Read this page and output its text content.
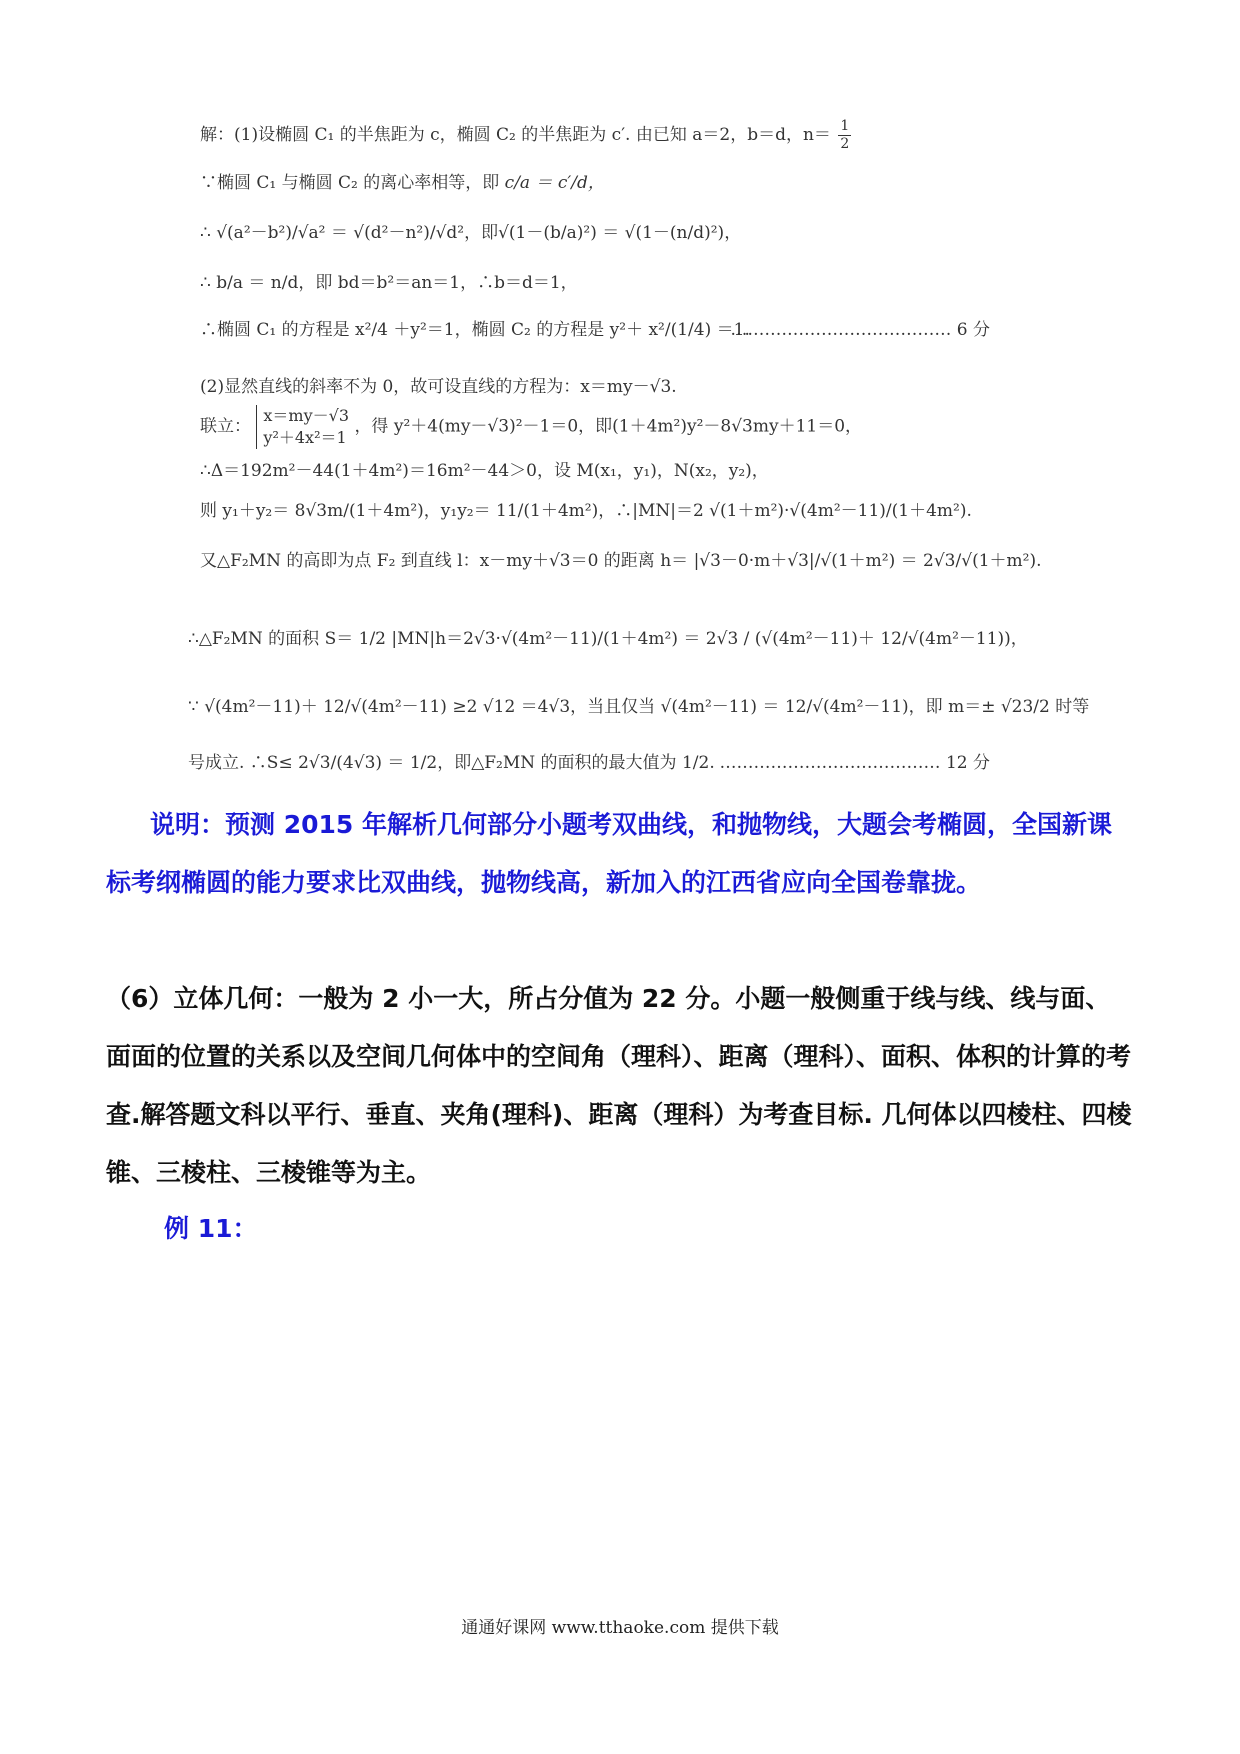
解：(1)设椭圆 C₁ 的半焦距为 c，椭圆 C₂ 的半焦距为 c′. 由已知 a＝2，b＝d，$n= \frac{1}{2}$
∵椭圆 C₁ 与椭圆 C₂ 的离心率相等，即 c/a ＝ c′/d，
∴ √(a²－b²)/√a² ＝ √(d²－n²)/√d²，即√(1－(b/a)²) ＝ √(1－(n/d)²)，
∴ b/a ＝ n/d，即 bd＝b²＝an＝1，∴b＝d＝1，
∴椭圆 C₁ 的方程是 x²/4 ＋y²＝1，椭圆 C₂ 的方程是 y²＋ x²/(1/4) ＝1.
………………………………… 6 分
(2)显然直线的斜率不为 0，故可设直线的方程为：x＝my－√3.
联立：
x＝my－√3
y²＋4x²＝1
，得 y²＋4(my－√3)²－1＝0，即(1＋4m²)y²－8√3my＋11＝0，
∴Δ＝192m²－44(1＋4m²)＝16m²－44＞0，设 M(x₁，y₁)，N(x₂，y₂)，
则 y₁＋y₂＝ 8√3m/(1＋4m²)，y₁y₂＝ 11/(1＋4m²)，∴|MN|＝2 √(1＋m²)·√(4m²－11)/(1＋4m²).
又△F₂MN 的高即为点 F₂ 到直线 l：x－my＋√3＝0 的距离 h＝ |√3－0·m＋√3|/√(1＋m²) ＝ 2√3/√(1＋m²).
∴△F₂MN 的面积 S＝ 1/2 |MN|h＝2√3·√(4m²－11)/(1＋4m²) ＝ 2√3 / (√(4m²－11)＋ 12/√(4m²－11))，
∵ √(4m²－11)＋ 12/√(4m²－11) ≥2 √12 ＝4√3，当且仅当 √(4m²－11) ＝ 12/√(4m²－11)，即 m＝± √23/2 时等
号成立. ∴S≤ 2√3/(4√3) ＝ 1/2，即△F₂MN 的面积的最大值为 1/2. ………………………………… 12 分
说明：预测 2015 年解析几何部分小题考双曲线，和抛物线，大题会考椭圆，全国新课标考纲椭圆的能力要求比双曲线，抛物线高，新加入的江西省应向全国卷靠拢。
（6）立体几何：一般为 2 小一大，所占分值为 22 分。小题一般侧重于线与线、线与面、面面的位置的关系以及空间几何体中的空间角（理科）、距离（理科）、面积、体积的计算的考查.解答题文科以平行、垂直、夹角(理科)、距离（理科）为考查目标. 几何体以四棱柱、四棱锥、三棱柱、三棱锥等为主。
例 11：
通通好课网 www.tthaoke.com 提供下载
